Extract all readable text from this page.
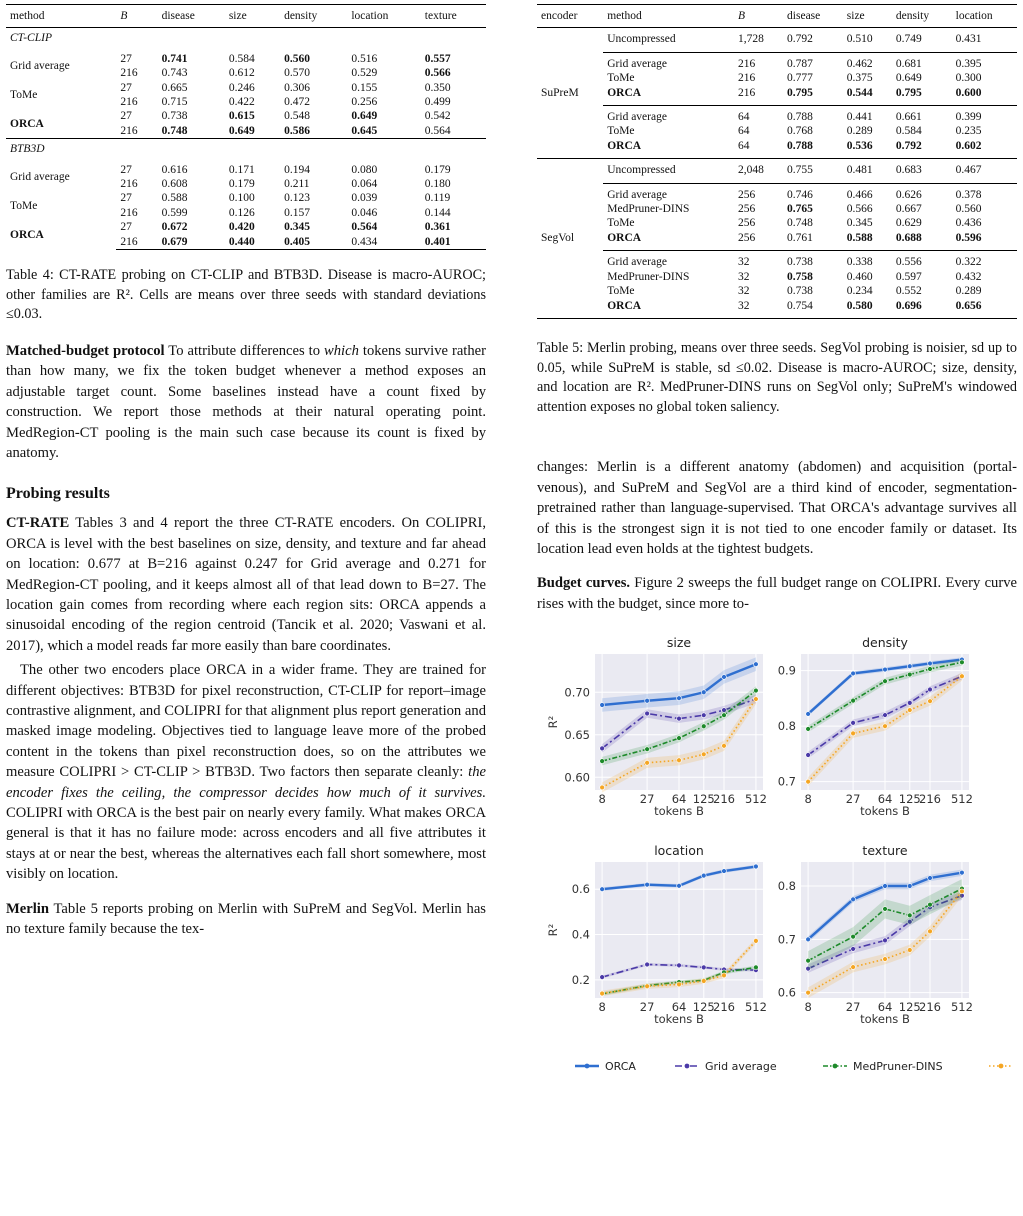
method	B	disease	size	density	location	texture
CT-CLIP						
Grid average	27	0.741	0.584	0.560	0.516	0.557
	216	0.743	0.612	0.570	0.529	0.566
ToMe	27	0.665	0.246	0.306	0.155	0.350
	216	0.715	0.422	0.472	0.256	0.499
ORCA	27	0.738	0.615	0.548	0.649	0.542
	216	0.748	0.649	0.586	0.645	0.564
BTB3D						
Grid average	27	0.616	0.171	0.194	0.080	0.179
	216	0.608	0.179	0.211	0.064	0.180
ToMe	27	0.588	0.100	0.123	0.039	0.119
	216	0.599	0.126	0.157	0.046	0.144
ORCA	27	0.672	0.420	0.345	0.564	0.361
	216	0.679	0.440	0.405	0.434	0.401

Table 4: CT-RATE probing on CT-CLIP and BTB3D. Disease is macro-AUROC; other families are R². Cells are means over three seeds with standard deviations ≤0.03.

Matched-budget protocol To attribute differences to which tokens survive rather than how many, we fix the token budget whenever a method exposes an adjustable target count. Some baselines instead have a count fixed by construction. We report those methods at their natural operating point. MedRegion-CT pooling is the main such case because its count is fixed by anatomy.

Probing results

CT-RATE Tables 3 and 4 report the three CT-RATE encoders. On COLIPRI, ORCA is level with the best baselines on size, density, and texture and far ahead on location: 0.677 at B=216 against 0.247 for Grid average and 0.271 for MedRegion-CT pooling, and it keeps almost all of that lead down to B=27. The location gain comes from recording where each region sits: ORCA appends a sinusoidal encoding of the region centroid (Tancik et al. 2020; Vaswani et al. 2017), which a model reads far more easily than bare coordinates.

The other two encoders place ORCA in a wider frame. They are trained for different objectives: BTB3D for pixel reconstruction, CT-CLIP for report–image contrastive alignment, and COLIPRI for that alignment plus report generation and masked image modeling. Objectives tied to language leave more of the probed content in the tokens than pixel reconstruction does, so on the attributes we measure COLIPRI > CT-CLIP > BTB3D. Two factors then separate cleanly: the encoder fixes the ceiling, the compressor decides how much of it survives. COLIPRI with ORCA is the best pair on nearly every family. What makes ORCA general is that it has no failure mode: across encoders and all five attributes it stays at or near the best, whereas the alternatives each fall short somewhere, most visibly on location.

Merlin Table 5 reports probing on Merlin with SuPreM and SegVol. Merlin has no texture family because the tex-

encoder	method	B	disease	size	density	location
SuPreM	Uncompressed	1,728	0.792	0.510	0.749	0.431
	Grid average	216	0.787	0.462	0.681	0.395
	ToMe	216	0.777	0.375	0.649	0.300
	ORCA	216	0.795	0.544	0.795	0.600
	Grid average	64	0.788	0.441	0.661	0.399
	ToMe	64	0.768	0.289	0.584	0.235
	ORCA	64	0.788	0.536	0.792	0.602
SegVol	Uncompressed	2,048	0.755	0.481	0.683	0.467
	Grid average	256	0.746	0.466	0.626	0.378
	MedPruner-DINS	256	0.765	0.566	0.667	0.560
	ToMe	256	0.748	0.345	0.629	0.436
	ORCA	256	0.761	0.588	0.688	0.596
	Grid average	32	0.738	0.338	0.556	0.322
	MedPruner-DINS	32	0.758	0.460	0.597	0.432
	ToMe	32	0.738	0.234	0.552	0.289
	ORCA	32	0.754	0.580	0.696	0.656

Table 5: Merlin probing, means over three seeds. SegVol probing is noisier, sd up to 0.05, while SuPreM is stable, sd ≤0.02. Disease is macro-AUROC; size, density, and location are R². MedPruner-DINS runs on SegVol only; SuPreM's windowed attention exposes no global token saliency.

changes: Merlin is a different anatomy (abdomen) and acquisition (portal-venous), and SuPreM and SegVol are a third kind of encoder, segmentation-pretrained rather than language-supervised. That ORCA's advantage survives all of this is the strongest sign it is not tied to one encoder family or dataset. Its location lead even holds at the tightest budgets.

Budget curves. Figure 2 sweeps the full budget range on COLIPRI. Every curve rises with the budget, since more to-

8	27 64 125
216 512
0.60
0.65
0.70
size
tokens B
R²
8	27 64 125
216 512
0.7
0.8
0.9
density
tokens B
8	27 64 125
216 512
0.2
0.4
0.6
location
tokens B
R²
8	27 64 125
216 512
0.6
0.7
0.8
texture
tokens B
ORCA	Grid average	MedPruner-DINS
